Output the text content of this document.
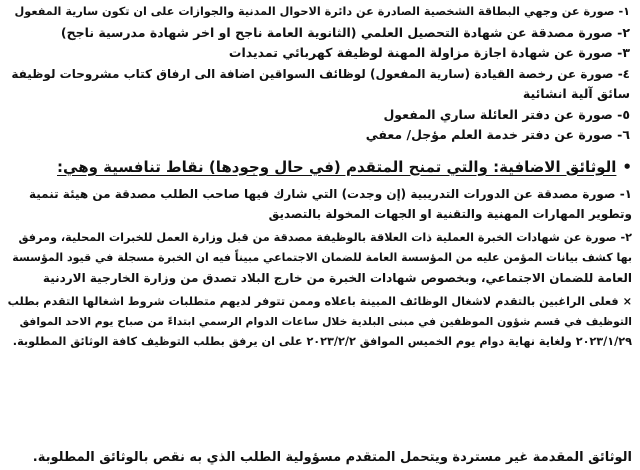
١- صورة عن وجهي البطاقة الشخصية الصادرة عن دائرة الاحوال المدنية والجوازات على ان تكون سارية المفعول
٢- صورة مصدقة عن شهادة التحصيل العلمي (الثانوية العامة ناجح او اخر شهادة مدرسية ناجح)
٣- صورة عن شهادة اجازة مزاولة المهنة لوظيفة كهربائي تمديدات
٤- صورة عن رخصة القيادة (سارية المفعول) لوظائف السواقين اضافة الى ارفاق كتاب مشروحات لوظيفة
سائق آلية انشائية
٥- صورة عن دفتر العائلة ساري المفعول
٦- صورة عن دفتر خدمة العلم مؤجل/ معفي
•الوثائق الاضافية: والتي تمنح المتقدم (في حال وجودها) نقاط تنافسية وهي:
١- صورة مصدقة عن الدورات التدريبية (إن وجدت) التي شارك فيها صاحب الطلب مصدقة من هيئة تنمية
وتطوير المهارات المهنية والتقنية او الجهات المخولة بالتصديق
٢- صورة عن شهادات الخبرة العملية ذات العلاقة بالوظيفة مصدقة من قبل وزارة العمل للخبرات المحلية، ومرفق
بها كشف بيانات المؤمن عليه من المؤسسة العامة للضمان الاجتماعي مبيناً فيه ان الخبرة مسجلة في قيود المؤسسة
العامة للضمان الاجتماعي، وبخصوص شهادات الخبرة من خارج البلاد تصدق من وزارة الخارجية الاردنية
× فعلى الراغبين بالتقدم لاشغال الوظائف المبينة باعلاه وممن تتوفر لديهم متطلبات شروط اشغالها التقدم بطلب
التوظيف في قسم شؤون الموظفين في مبنى البلدية خلال ساعات الدوام الرسمي ابتداءً من صباح يوم الاحد الموافق
٢٠٢٣/١/٢٩ ولغاية نهاية دوام يوم الخميس الموافق ٢٠٢٣/٢/٢ على ان يرفق بطلب التوظيف كافة الوثائق المطلوبة.
الوثائق المقدمة غير مستردة ويتحمل المتقدم مسؤولية الطلب الذي به نقص بالوثائق المطلوبة.
